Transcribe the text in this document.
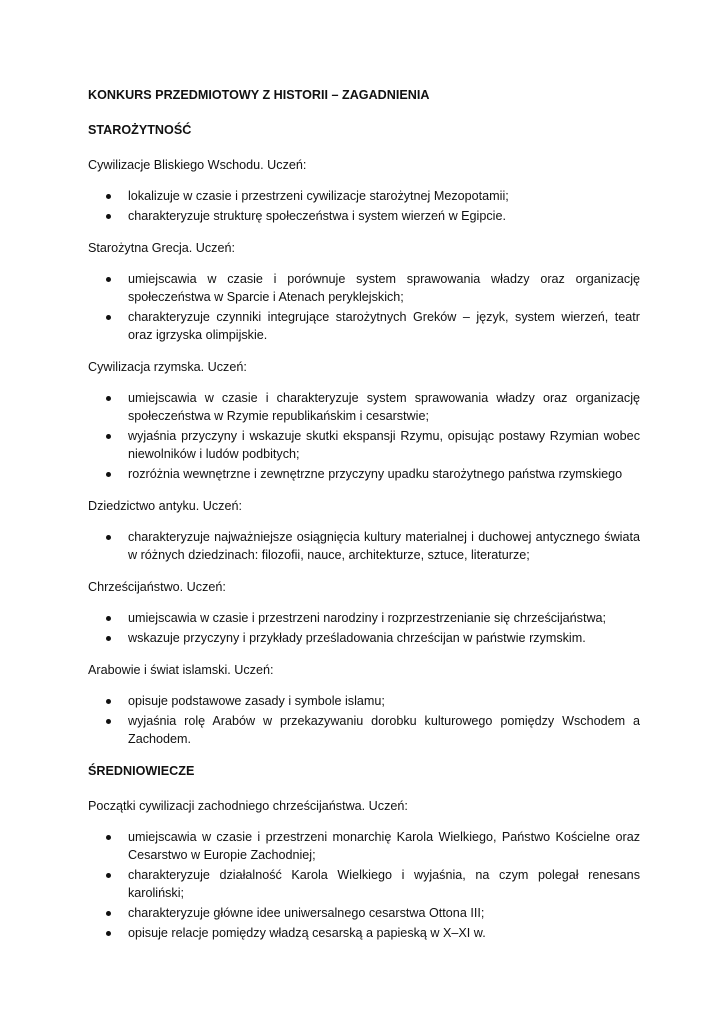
KONKURS PRZEDMIOTOWY Z HISTORII – ZAGADNIENIA
STAROŻYTNOŚĆ
Cywilizacje Bliskiego Wschodu. Uczeń:
lokalizuje w czasie i przestrzeni cywilizacje starożytnej Mezopotamii;
charakteryzuje strukturę społeczeństwa i system wierzeń w Egipcie.
Starożytna Grecja. Uczeń:
umiejscawia w czasie i porównuje system sprawowania władzy oraz organizację społeczeństwa w Sparcie i Atenach peryklejskich;
charakteryzuje czynniki integrujące starożytnych Greków – język, system wierzeń, teatr oraz igrzyska olimpijskie.
Cywilizacja rzymska. Uczeń:
umiejscawia w czasie i charakteryzuje system sprawowania władzy oraz organizację społeczeństwa w Rzymie republikańskim i cesarstwie;
wyjaśnia przyczyny i wskazuje skutki ekspansji Rzymu, opisując postawy Rzymian wobec niewolników i ludów podbitych;
rozróżnia wewnętrzne i zewnętrzne przyczyny upadku starożytnego państwa rzymskiego
Dziedzictwo antyku. Uczeń:
charakteryzuje najważniejsze osiągnięcia kultury materialnej i duchowej antycznego świata w różnych dziedzinach: filozofii, nauce, architekturze, sztuce, literaturze;
Chrześcijaństwo. Uczeń:
umiejscawia w czasie i przestrzeni narodziny i rozprzestrzenianie się chrześcijaństwa;
wskazuje przyczyny i przykłady prześladowania chrześcijan w państwie rzymskim.
Arabowie i świat islamski. Uczeń:
opisuje podstawowe zasady i symbole islamu;
wyjaśnia rolę Arabów w przekazywaniu dorobku kulturowego pomiędzy Wschodem a Zachodem.
ŚREDNIOWIECZE
Początki cywilizacji zachodniego chrześcijaństwa. Uczeń:
umiejscawia w czasie i przestrzeni monarchię Karola Wielkiego, Państwo Kościelne oraz Cesarstwo w Europie Zachodniej;
charakteryzuje działalność Karola Wielkiego i wyjaśnia, na czym polegał renesans karoliński;
charakteryzuje główne idee uniwersalnego cesarstwa Ottona III;
opisuje relacje pomiędzy władzą cesarską a papieską w X–XI w.
